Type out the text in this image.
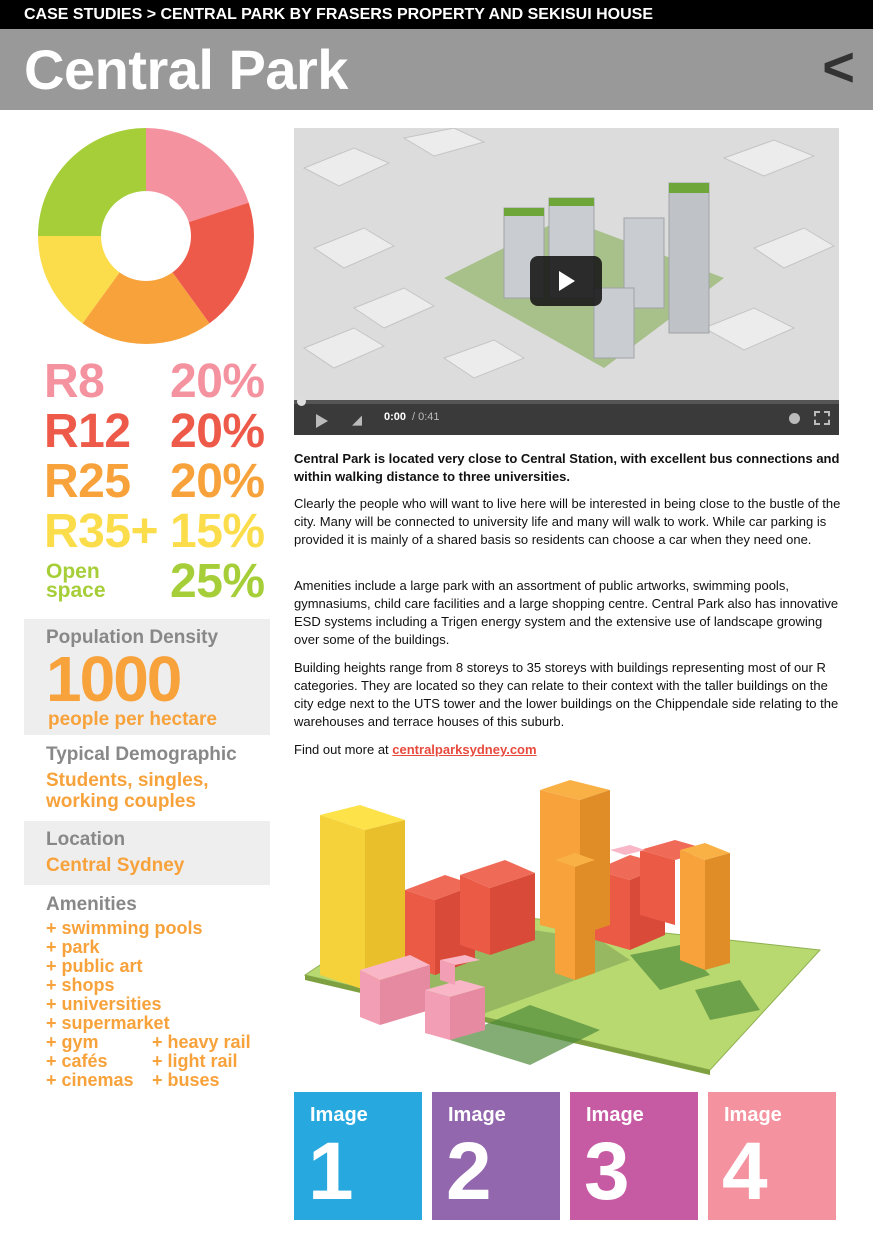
CASE STUDIES > CENTRAL PARK BY FRASERS PROPERTY AND SEKISUI HOUSE
Central Park	<
R8 20%
R12 20%
R25 20%
R35+ 15%
Open
space 25%
Population Density
1000
people per hectare
Typical Demographic
Students, singles,
working couples
Location
Central Sydney
Amenities
+ swimming pools
+ park
+ public art
+ shops
+ universities
+ supermarket
+ gym
+ cafés
+ cinemas
+ heavy rail
+ light rail
+ buses
◢	0:00 / 0:41
Central Park is located very close to Central Station, with excellent bus connections and within walking distance to three universities.
Clearly the people who will want to live here will be interested in being close to the bustle of the city. Many will be connected to university life and many will walk to work. While car parking is provided it is mainly of a shared basis so residents can choose a car when they need one.
Amenities include a large park with an assortment of public artworks, swimming pools, gymnasiums, child care facilities and a large shopping centre. Central Park also has innovative ESD systems including a Trigen energy system and the extensive use of landscape growing over some of the buildings.
Building heights range from 8 storeys to 35 storeys with buildings representing most of our R categories. They are located so they can relate to their context with the taller buildings on the city edge next to the UTS tower and the lower buildings on the Chippendale side relating to the warehouses and terrace houses of this suburb.
Find out more at centralparksydney.com
Image
1
Image
2
Image
3
Image
4
